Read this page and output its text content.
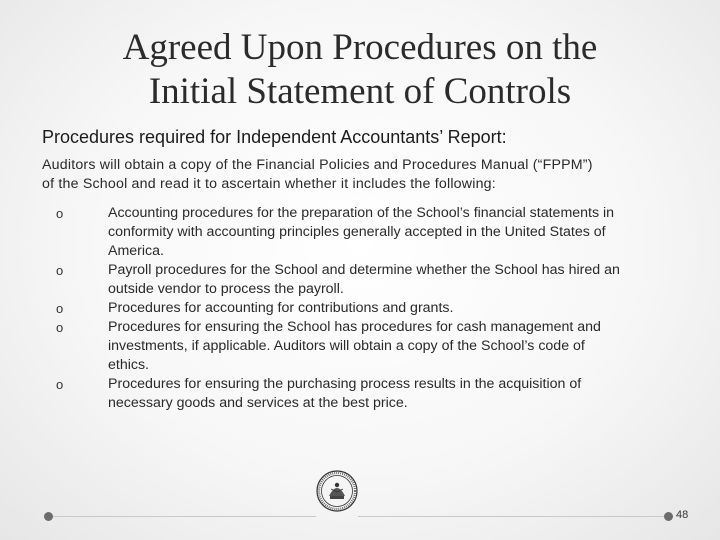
Agreed Upon Procedures on the
Initial Statement of Controls
Procedures required for Independent Accountants’ Report:
Auditors will obtain a copy of the Financial Policies and Procedures Manual (“FPPM”)
of the School and read it to ascertain whether it includes the following:
o	Accounting procedures for the preparation of the School’s financial statements in
conformity with accounting principles generally accepted in the United States of
America.
o	Payroll procedures for the School and determine whether the School has hired an
outside vendor to process the payroll.
o	Procedures for accounting for contributions and grants.
o	Procedures for ensuring the School has procedures for cash management and
investments, if applicable. Auditors will obtain a copy of the School’s code of
ethics.
o	Procedures for ensuring the purchasing process results in the acquisition of
necessary goods and services at the best price.
48
